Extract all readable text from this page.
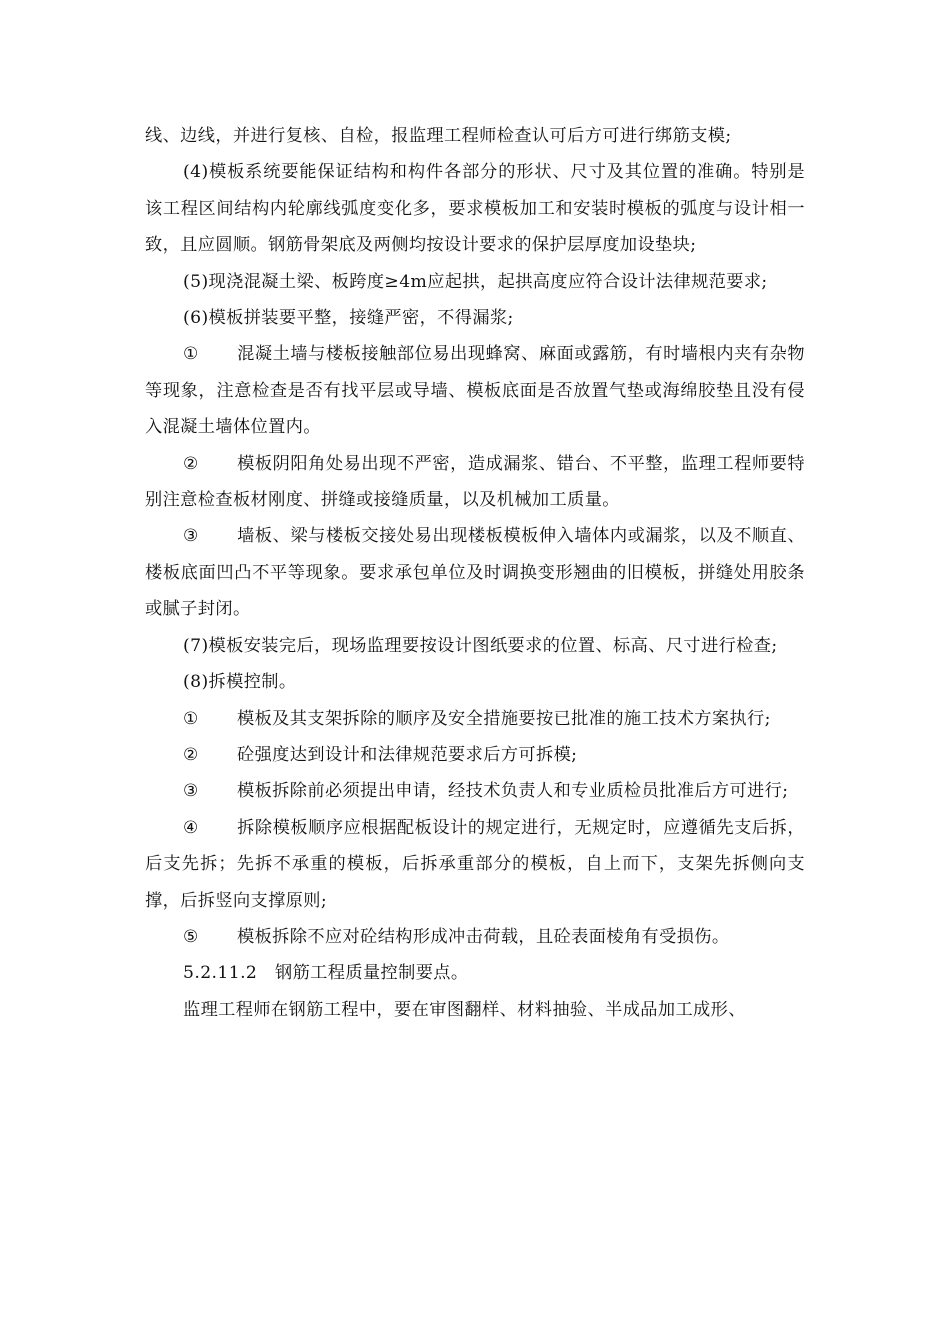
线、边线，并进行复核、自检，报监理工程师检查认可后方可进行绑筋支模;

(4)模板系统要能保证结构和构件各部分的形状、尺寸及其位置的准确。特别是该工程区间结构内轮廓线弧度变化多，要求模板加工和安装时模板的弧度与设计相一致，且应圆顺。钢筋骨架底及两侧均按设计要求的保护层厚度加设垫块;

(5)现浇混凝土梁、板跨度≥4m应起拱，起拱高度应符合设计法律规范要求;

(6)模板拼装要平整，接缝严密，不得漏浆;

① 混凝土墙与楼板接触部位易出现蜂窝、麻面或露筋，有时墙根内夹有杂物等现象，注意检查是否有找平层或导墙、模板底面是否放置气垫或海绵胶垫且没有侵入混凝土墙体位置内。

② 模板阴阳角处易出现不严密，造成漏浆、错台、不平整，监理工程师要特别注意检查板材刚度、拼缝或接缝质量，以及机械加工质量。

③ 墙板、梁与楼板交接处易出现楼板模板伸入墙体内或漏浆，以及不顺直、楼板底面凹凸不平等现象。要求承包单位及时调换变形翘曲的旧模板，拼缝处用胶条或腻子封闭。

(7)模板安装完后，现场监理要按设计图纸要求的位置、标高、尺寸进行检查;

(8)拆模控制。

① 模板及其支架拆除的顺序及安全措施要按已批准的施工技术方案执行;

② 砼强度达到设计和法律规范要求后方可拆模;

③ 模板拆除前必须提出申请，经技术负责人和专业质检员批准后方可进行;

④ 拆除模板顺序应根据配板设计的规定进行，无规定时，应遵循先支后拆，后支先拆；先拆不承重的模板，后拆承重部分的模板，自上而下，支架先拆侧向支撑，后拆竖向支撑原则;

⑤ 模板拆除不应对砼结构形成冲击荷载，且砼表面棱角有受损伤。

5.2.11.2 钢筋工程质量控制要点。

监理工程师在钢筋工程中，要在审图翻样、材料抽验、半成品加工成形、
